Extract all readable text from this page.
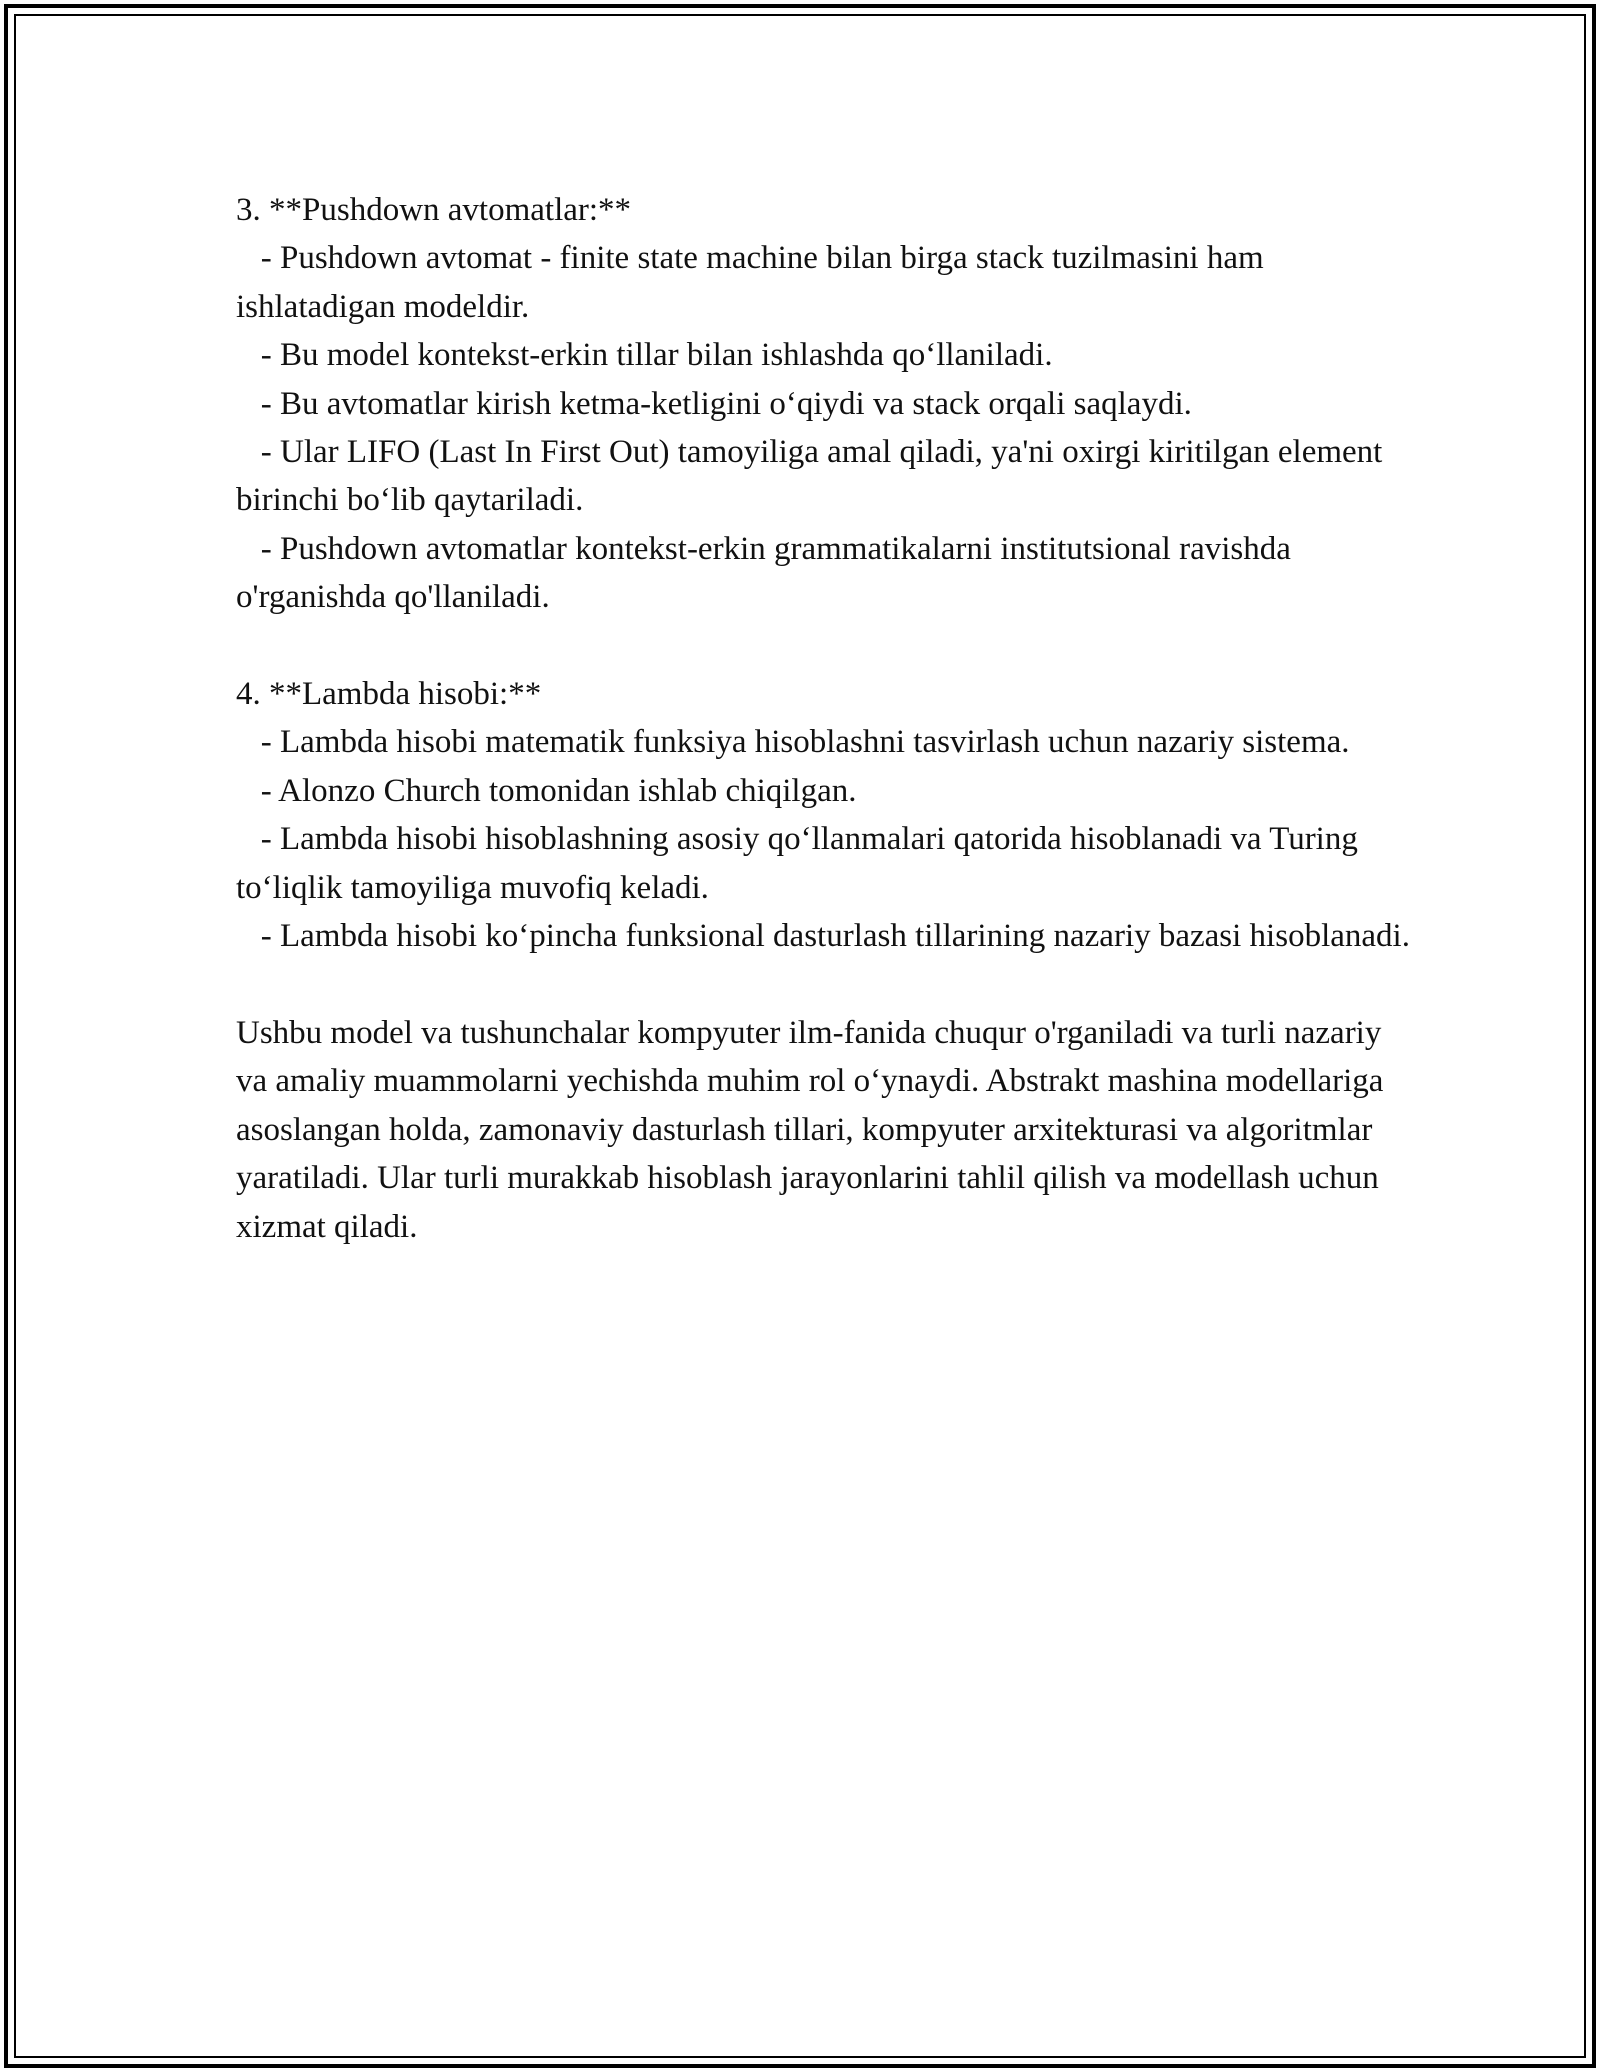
3. **Pushdown avtomatlar:**

- Pushdown avtomat - finite state machine bilan birga stack tuzilmasini ham ishlatadigan modeldir.

- Bu model kontekst-erkin tillar bilan ishlashda qo‘llaniladi.

- Bu avtomatlar kirish ketma-ketligini o‘qiydi va stack orqali saqlaydi.

- Ular LIFO (Last In First Out) tamoyiliga amal qiladi, ya'ni oxirgi kiritilgan element birinchi bo‘lib qaytariladi.

- Pushdown avtomatlar kontekst-erkin grammatikalarni institutsional ravishda o'rganishda qo'llaniladi.

4. **Lambda hisobi:**

- Lambda hisobi matematik funksiya hisoblashni tasvirlash uchun nazariy sistema.

- Alonzo Church tomonidan ishlab chiqilgan.

- Lambda hisobi hisoblashning asosiy qo‘llanmalari qatorida hisoblanadi va Turing to‘liqlik tamoyiliga muvofiq keladi.

- Lambda hisobi ko‘pincha funksional dasturlash tillarining nazariy bazasi hisoblanadi.

Ushbu model va tushunchalar kompyuter ilm-fanida chuqur o'rganiladi va turli nazariy va amaliy muammolarni yechishda muhim rol o‘ynaydi. Abstrakt mashina modellariga asoslangan holda, zamonaviy dasturlash tillari, kompyuter arxitekturasi va algoritmlar yaratiladi. Ular turli murakkab hisoblash jarayonlarini tahlil qilish va modellash uchun xizmat qiladi.
